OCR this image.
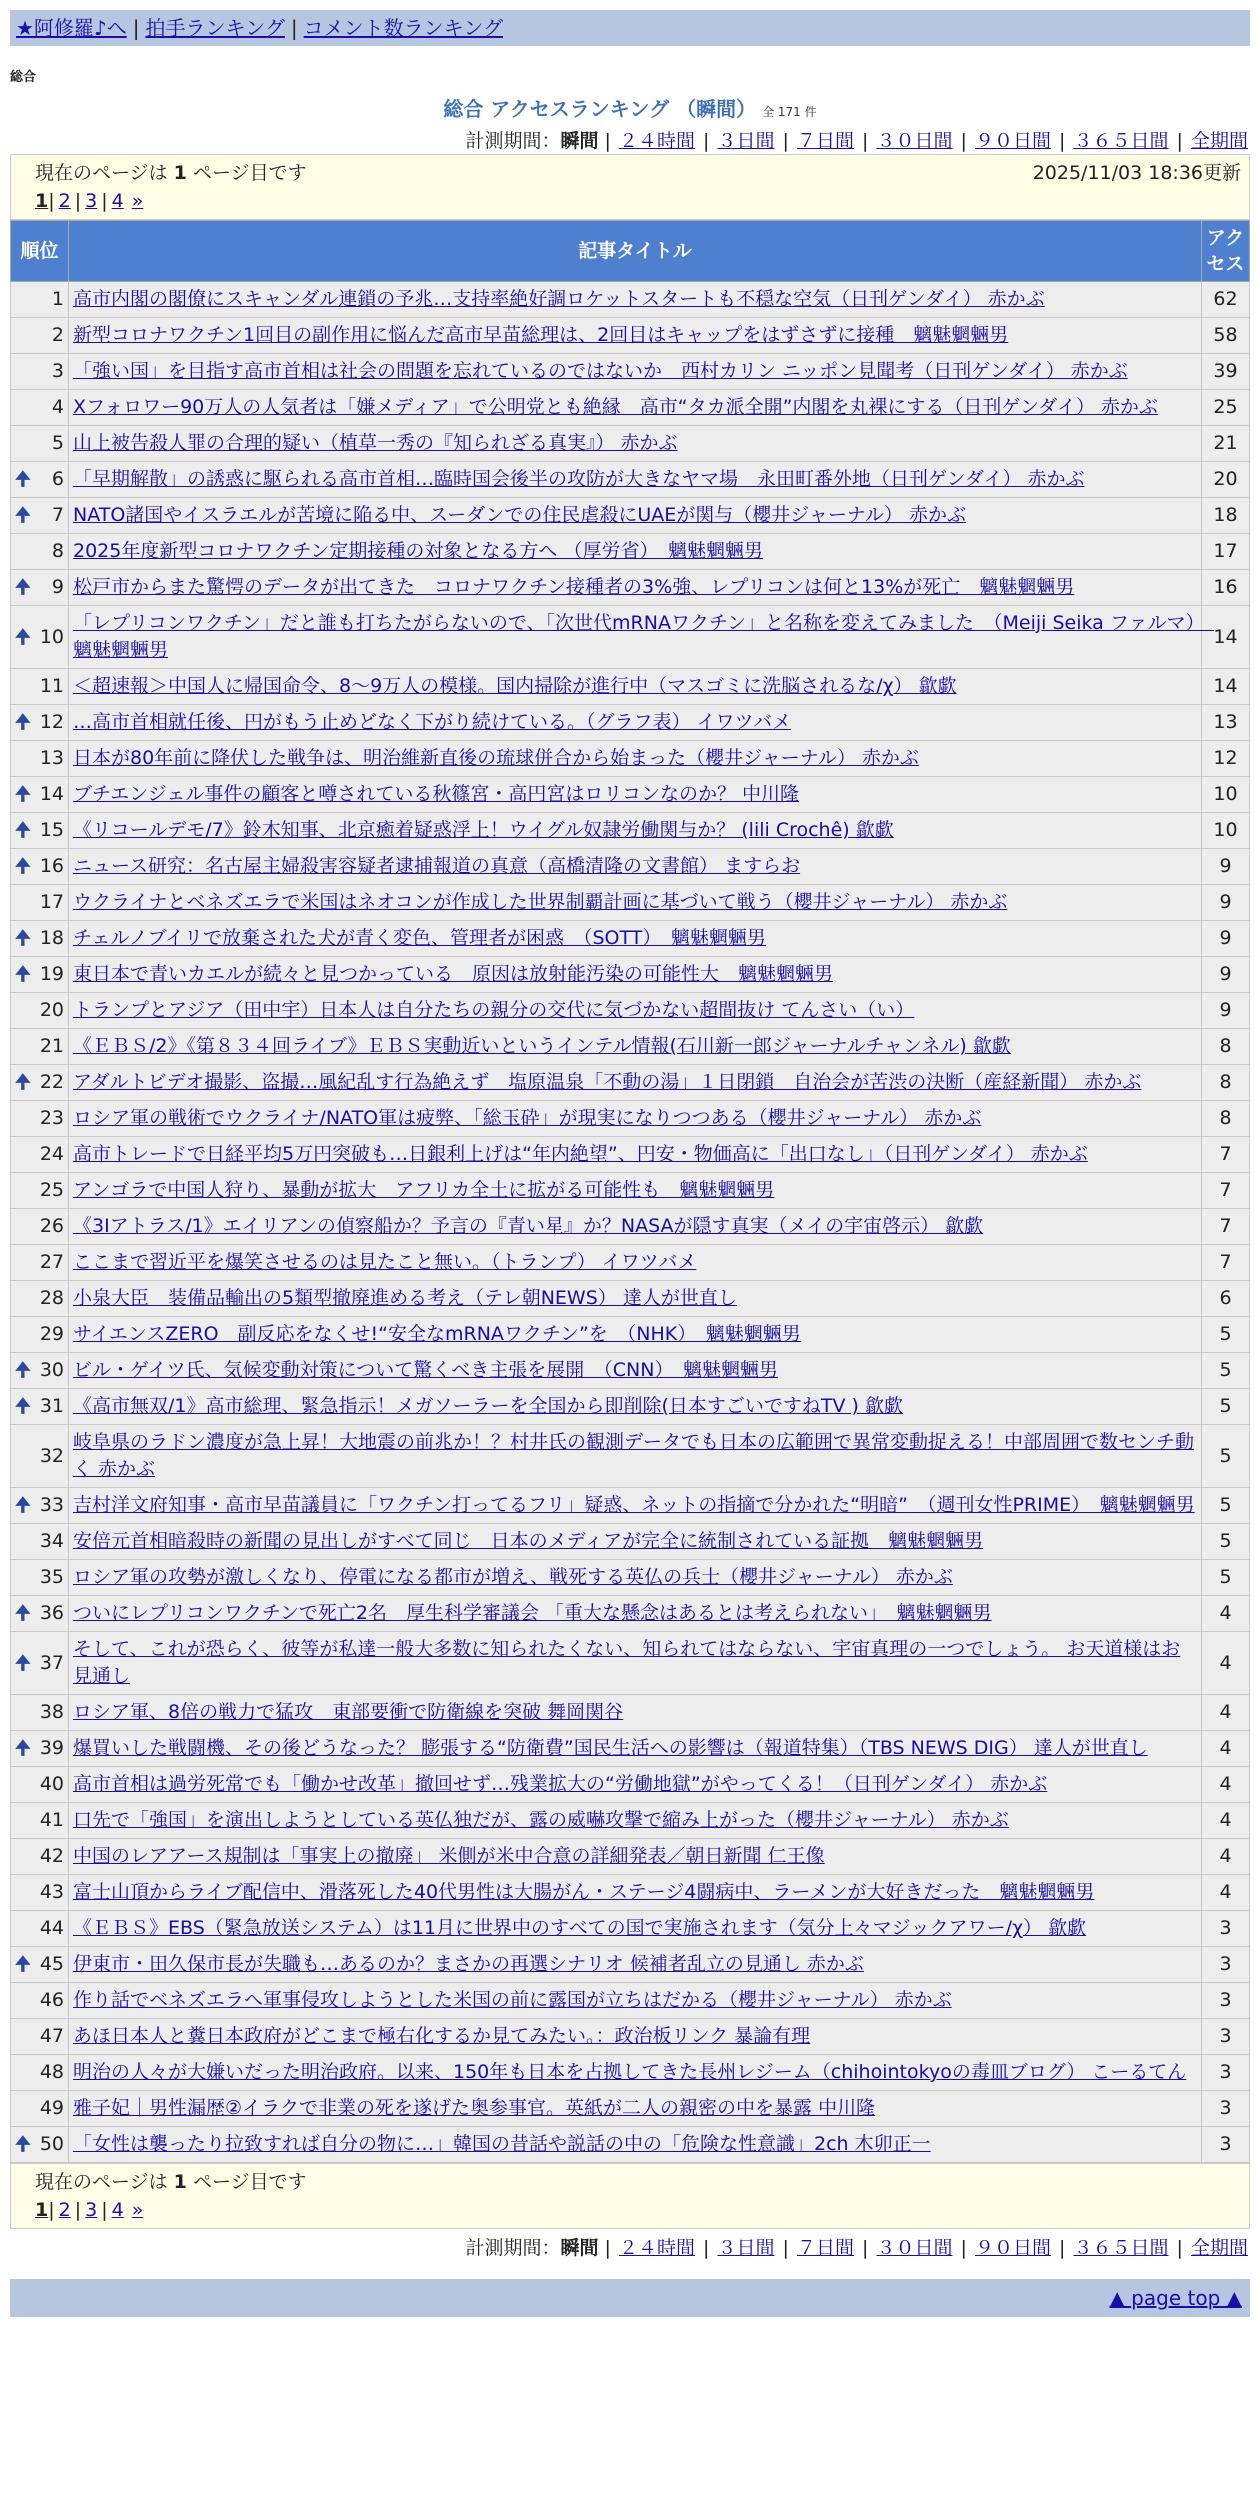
★阿修羅♪へ | 拍手ランキング | コメント数ランキング
総合
総合 アクセスランキング （瞬間） 全 171 件
計測期間：瞬間 | ２４時間 | ３日間 | ７日間 | ３０日間 | ９０日間 | ３６５日間 | 全期間
現在のページは 1 ページ目です	2025/11/03 18:36更新
1| 2 | 3 | 4 »
順位	記事タイトル	アクセス
1	高市内閣の閣僚にスキャンダル連鎖の予兆…支持率絶好調ロケットスタートも不穏な空気（日刊ゲンダイ） 赤かぶ	62
2	新型コロナワクチン1回目の副作用に悩んだ高市早苗総理は、2回目はキャップをはずさずに接種　魑魅魍魎男	58
3	「強い国」を目指す高市首相は社会の問題を忘れているのではないか　西村カリン ニッポン見聞考（日刊ゲンダイ） 赤かぶ	39
4	Xフォロワー90万人の人気者は「嫌メディア」で公明党とも絶縁　高市“タカ派全開”内閣を丸裸にする（日刊ゲンダイ） 赤かぶ	25
5	山上被告殺人罪の合理的疑い（植草一秀の『知られざる真実』） 赤かぶ	21

🠉 6	「早期解散」の誘惑に駆られる高市首相…臨時国会後半の攻防が大きなヤマ場　永田町番外地（日刊ゲンダイ） 赤かぶ	20

🠉 7	NATO諸国やイスラエルが苦境に陥る中、スーダンでの住民虐殺にUAEが関与（櫻井ジャーナル） 赤かぶ	18
8	2025年度新型コロナワクチン定期接種の対象となる方へ （厚労省）　魑魅魍魎男	17

🠉 9	松戸市からまた驚愕のデータが出てきた　コロナワクチン接種者の3%強、レプリコンは何と13%が死亡　魑魅魍魎男	16

🠉 10	「レプリコンワクチン」だと誰も打ちたがらないので、「次世代mRNAワクチン」と名称を変えてみました　（Meiji Seika ファルマ）　魑魅魍魎男	14
11	＜超速報＞中国人に帰国命令、8〜9万人の模様。国内掃除が進行中（マスゴミに洗脳されるな/χ） 歙歔	14

🠉 12	…高市首相就任後、円がもう止めどなく下がり続けている。（グラフ表） イワツバメ	13
13	日本が80年前に降伏した戦争は、明治維新直後の琉球併合から始まった（櫻井ジャーナル） 赤かぶ	12

🠉 14	ブチエンジェル事件の顧客と噂されている秋篠宮・高円宮はロリコンなのか？ 中川隆	10

🠉 15	《リコールデモ/7》鈴木知事、北京癒着疑惑浮上！ウイグル奴隷労働関与か？ (lili Crochê) 歙歔	10

🠉 16	ニュース研究：名古屋主婦殺害容疑者逮捕報道の真意（高橋清隆の文書館） ますらお	9
17	ウクライナとベネズエラで米国はネオコンが作成した世界制覇計画に基づいて戦う（櫻井ジャーナル） 赤かぶ	9

🠉 18	チェルノブイリで放棄された犬が青く変色、管理者が困惑　（SOTT）　魑魅魍魎男	9

🠉 19	東日本で青いカエルが続々と見つかっている　原因は放射能汚染の可能性大　魑魅魍魎男	9
20	トランプとアジア（田中宇）日本人は自分たちの親分の交代に気づかない超間抜け てんさい（い）	9
21	《ＥＢＳ/2》《第８３４回ライブ》ＥＢＳ実動近いというインテル情報(石川新一郎ジャーナルチャンネル) 歙歔	8

🠉 22	アダルトビデオ撮影、盗撮…風紀乱す行為絶えず　塩原温泉「不動の湯」１日閉鎖　自治会が苦渋の決断（産経新聞） 赤かぶ	8
23	ロシア軍の戦術でウクライナ/NATO軍は疲弊、「総玉砕」が現実になりつつある（櫻井ジャーナル） 赤かぶ	8
24	高市トレードで日経平均5万円突破も…日銀利上げは“年内絶望”、円安・物価高に「出口なし」（日刊ゲンダイ） 赤かぶ	7
25	アンゴラで中国人狩り、暴動が拡大　アフリカ全土に拡がる可能性も　魑魅魍魎男	7
26	《3Iアトラス/1》エイリアンの偵察船か？予言の『青い星』か？NASAが隠す真実（メイの宇宙啓示） 歙歔	7
27	ここまで習近平を爆笑させるのは見たこと無い。（トランプ） イワツバメ	7
28	小泉大臣　装備品輸出の5類型撤廃進める考え（テレ朝NEWS） 達人が世直し	6
29	サイエンスZERO　副反応をなくせ!“安全なmRNAワクチン”を　（NHK）　魑魅魍魎男	5

🠉 30	ビル・ゲイツ氏、気候変動対策について驚くべき主張を展開　（CNN）　魑魅魍魎男	5

🠉 31	《高市無双/1》高市総理、緊急指示！メガソーラーを全国から即削除(日本すごいですねTV ) 歙歔	5
32	岐阜県のラドン濃度が急上昇！大地震の前兆か！？村井氏の観測データでも日本の広範囲で異常変動捉える！中部周囲で数センチ動く 赤かぶ	5

🠉 33	吉村洋文府知事・高市早苗議員に「ワクチン打ってるフリ」疑惑、ネットの指摘で分かれた“明暗”　（週刊女性PRIME）　魑魅魍魎男	5
34	安倍元首相暗殺時の新聞の見出しがすべて同じ　日本のメディアが完全に統制されている証拠　魑魅魍魎男	5
35	ロシア軍の攻勢が激しくなり、停電になる都市が増え、戦死する英仏の兵士（櫻井ジャーナル） 赤かぶ	5

🠉 36	ついにレプリコンワクチンで死亡2名　厚生科学審議会 「重大な懸念はあるとは考えられない」　魑魅魍魎男	4

🠉 37	そして、これが恐らく、彼等が私達一般大多数に知られたくない、知られてはならない、宇宙真理の一つでしょう。 お天道様はお見通し	4
38	ロシア軍、8倍の戦力で猛攻　東部要衝で防衛線を突破 舞岡関谷	4

🠉 39	爆買いした戦闘機、その後どうなった？ 膨張する“防衛費”国民生活への影響は（報道特集）（TBS NEWS DIG） 達人が世直し	4
40	高市首相は過労死常でも「働かせ改革」撤回せず…残業拡大の“労働地獄”がやってくる！（日刊ゲンダイ） 赤かぶ	4
41	口先で「強国」を演出しようとしている英仏独だが、露の威嚇攻撃で縮み上がった（櫻井ジャーナル） 赤かぶ	4
42	中国のレアアース規制は「事実上の撤廃」 米側が米中合意の詳細発表／朝日新聞 仁王像	4
43	富士山頂からライブ配信中、滑落死した40代男性は大腸がん・ステージ4闘病中、ラーメンが大好きだった　魑魅魍魎男	4
44	《ＥＢＳ》EBS（緊急放送システム）は11月に世界中のすべての国で実施されます（気分上々マジックアワー/χ） 歙歔	3

🠉 45	伊東市・田久保市長が失職も…あるのか？まさかの再選シナリオ 候補者乱立の見通し 赤かぶ	3
46	作り話でベネズエラへ軍事侵攻しようとした米国の前に露国が立ちはだかる（櫻井ジャーナル） 赤かぶ	3
47	あほ日本人と糞日本政府がどこまで極右化するか見てみたい。：政治板リンク 暴論有理	3
48	明治の人々が大嫌いだった明治政府。以来、150年も日本を占拠してきた長州レジーム（chihointokyoの毒皿ブログ） こーるてん	3
49	雅子妃｜男性漏歴②イラクで非業の死を遂げた奥参事官。英紙が二人の親密の中を暴露 中川隆	3

🠉 50	「女性は襲ったり拉致すれば自分の物に…」韓国の昔話や説話の中の「危険な性意識」2ch 木卯正一	3
現在のページは 1 ページ目です
1| 2 | 3 | 4 »
計測期間：瞬間 | ２４時間 | ３日間 | ７日間 | ３０日間 | ９０日間 | ３６５日間 | 全期間
▲ page top ▲
